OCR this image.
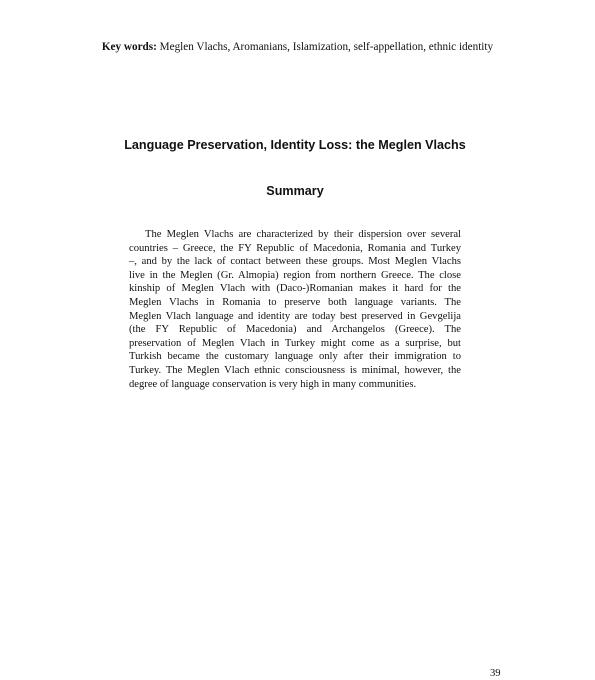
Key words: Meglen Vlachs, Aromanians, Islamization, self-appellation, ethnic identity
Language Preservation, Identity Loss: the Meglen Vlachs
Summary
The Meglen Vlachs are characterized by their dispersion over several
countries – Greece, the FY Republic of Macedonia, Romania and Turkey
–, and by the lack of contact between these groups. Most Meglen Vlachs
live in the Meglen (Gr. Almopia) region from northern Greece. The close
kinship of Meglen Vlach with (Daco-)Romanian makes it hard for the
Meglen Vlachs in Romania to preserve both language variants. The
Meglen Vlach language and identity are today best preserved in Gevgelija
(the FY Republic of Macedonia) and Archangelos (Greece). The
preservation of Meglen Vlach in Turkey might come as a surprise, but
Turkish became the customary language only after their immigration to
Turkey. The Meglen Vlach ethnic consciousness is minimal, however, the
degree of language conservation is very high in many communities.
39
